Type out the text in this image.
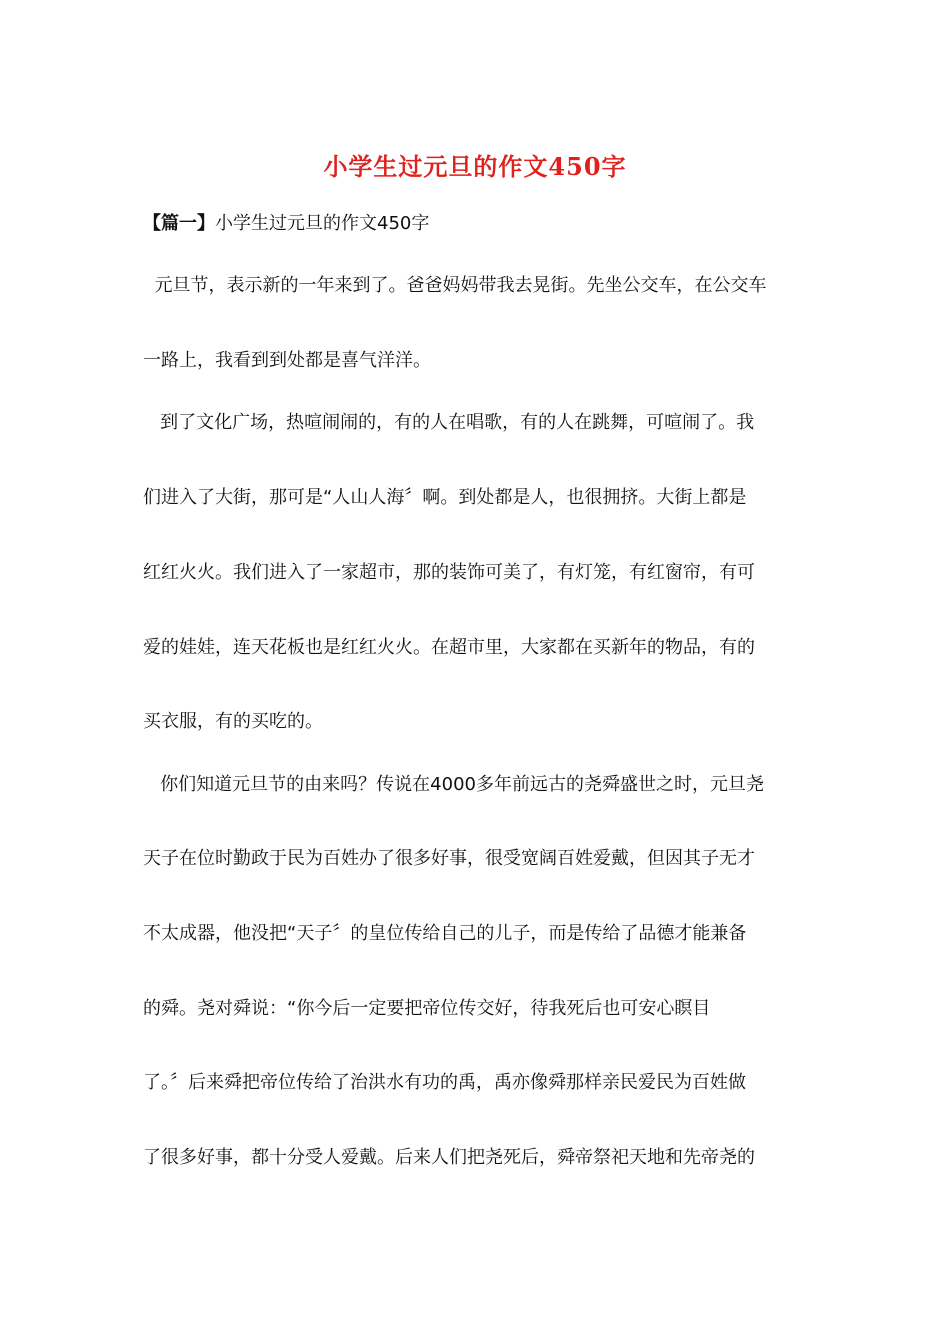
小学生过元旦的作文450字
【篇一】小学生过元旦的作文450字
元旦节，表示新的一年来到了。爸爸妈妈带我去晃街。先坐公交车，在公交车
一路上，我看到到处都是喜气洋洋。
到了文化广场，热喧闹闹的，有的人在唱歌，有的人在跳舞，可喧闹了。我
们进入了大街，那可是“人山人海〞啊。到处都是人，也很拥挤。大街上都是
红红火火。我们进入了一家超市，那的装饰可美了，有灯笼，有红窗帘，有可
爱的娃娃，连天花板也是红红火火。在超市里，大家都在买新年的物品，有的
买衣服，有的买吃的。
你们知道元旦节的由来吗？传说在4000多年前远古的尧舜盛世之时，元旦尧
天子在位时勤政于民为百姓办了很多好事，很受宽阔百姓爱戴，但因其子无才
不太成器，他没把“天子〞的皇位传给自己的儿子，而是传给了品德才能兼备
的舜。尧对舜说：“你今后一定要把帝位传交好，待我死后也可安心瞑目
了。〞后来舜把帝位传给了治洪水有功的禹，禹亦像舜那样亲民爱民为百姓做
了很多好事，都十分受人爱戴。后来人们把尧死后，舜帝祭祀天地和先帝尧的
